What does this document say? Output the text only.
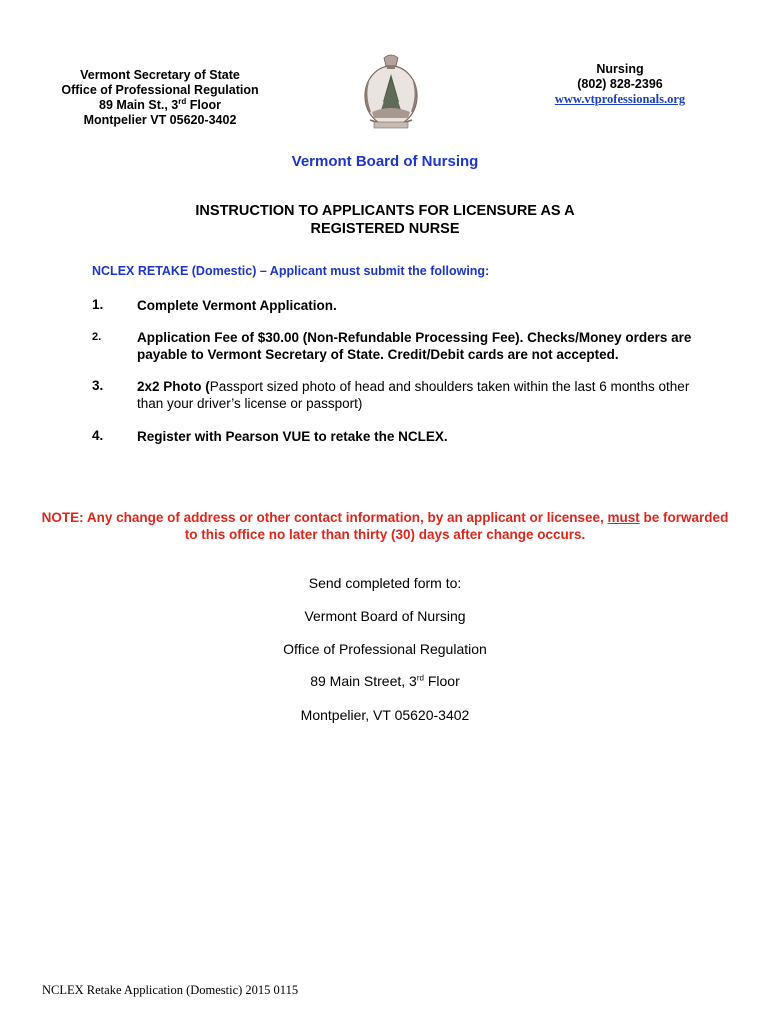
Vermont Secretary of State
Office of Professional Regulation
89 Main St., 3rd Floor
Montpelier VT 05620-3402
Nursing
(802) 828-2396
www.vtprofessionals.org
Vermont Board of Nursing
INSTRUCTION TO APPLICANTS FOR LICENSURE AS A
REGISTERED NURSE
NCLEX RETAKE (Domestic) – Applicant must submit the following:
1. Complete Vermont Application.
2.	Application Fee of $30.00 (Non-Refundable Processing Fee). Checks/Money orders are payable to Vermont Secretary of State. Credit/Debit cards are not accepted.
3. 2x2 Photo (Passport sized photo of head and shoulders taken within the last 6 months other than your driver’s license or passport)
4. Register with Pearson VUE to retake the NCLEX.
NOTE: Any change of address or other contact information, by an applicant or licensee, must be forwarded to this office no later than thirty (30) days after change occurs.
Send completed form to:
Vermont Board of Nursing
Office of Professional Regulation
89 Main Street, 3rd Floor
Montpelier, VT 05620-3402
NCLEX Retake Application (Domestic) 2015 0115
